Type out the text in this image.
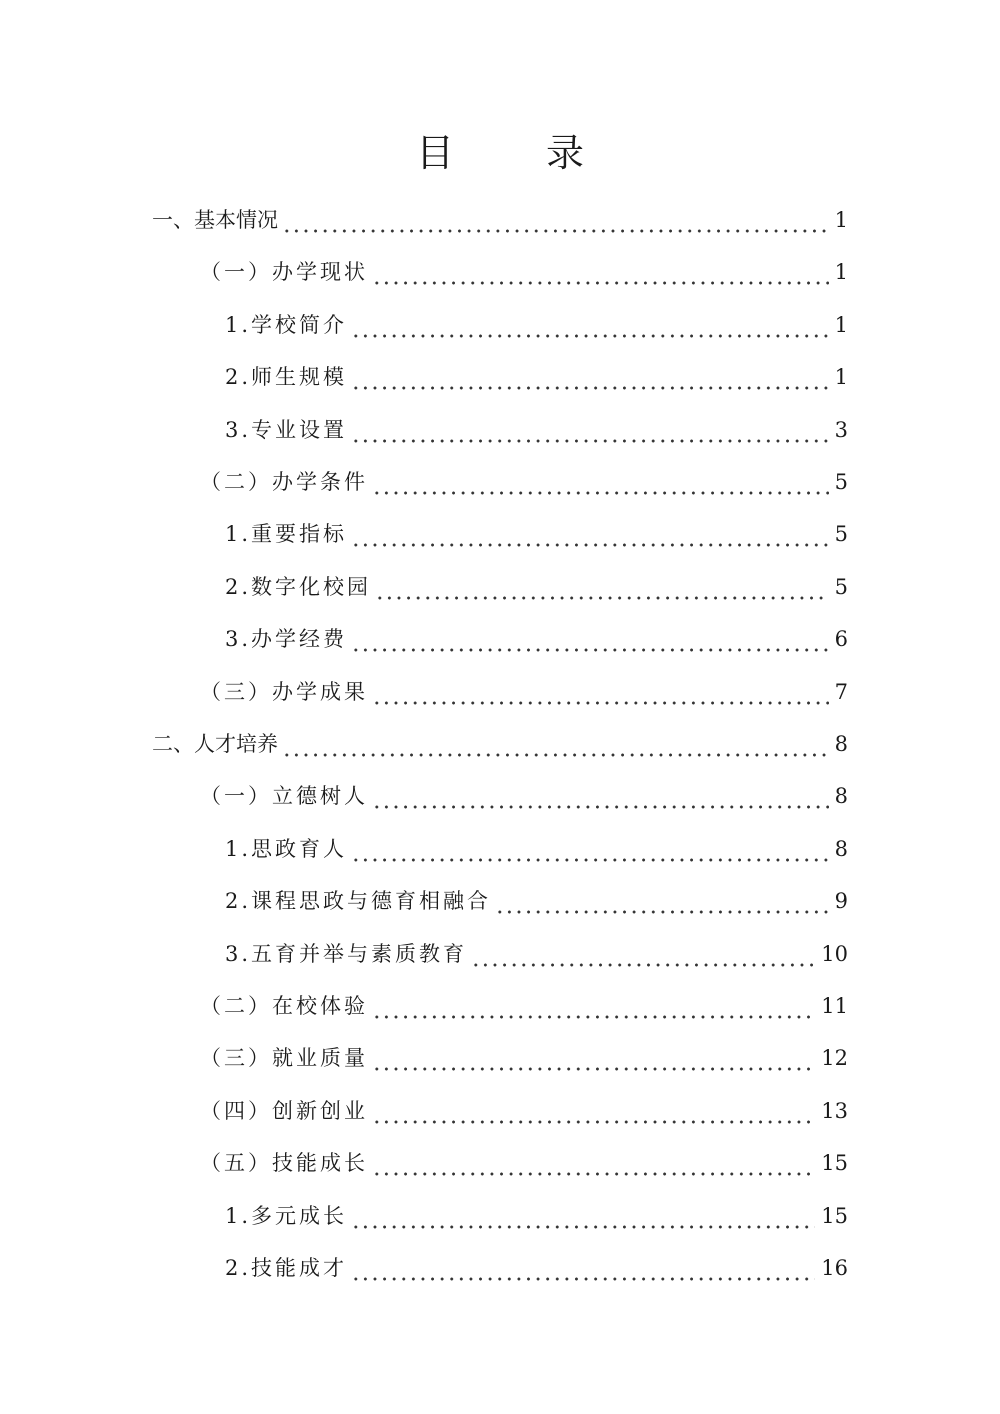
目 录
一、基本情况	1
（一）办学现状	1
1.学校简介	1
2.师生规模	1
3.专业设置	3
（二）办学条件	5
1.重要指标	5
2.数字化校园	5
3.办学经费	6
（三）办学成果	7
二、人才培养	8
（一）立德树人	8
1.思政育人	8
2.课程思政与德育相融合	9
3.五育并举与素质教育	10
（二）在校体验	11
（三）就业质量	12
（四）创新创业	13
（五）技能成长	15
1.多元成长	15
2.技能成才	16
